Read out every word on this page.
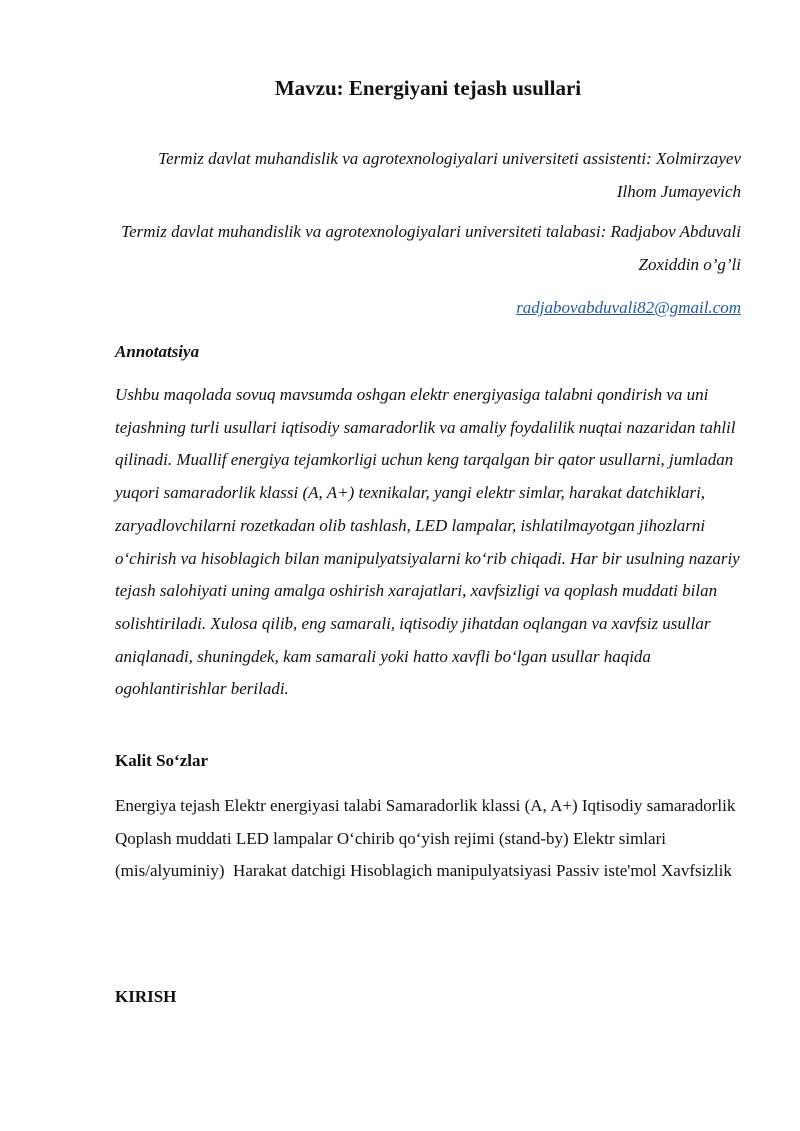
Mavzu: Energiyani tejash usullari

Termiz davlat muhandislik va agrotexnologiyalari universiteti assistenti: Xolmirzayev Ilhom Jumayevich

Termiz davlat muhandislik va agrotexnologiyalari universiteti talabasi: Radjabov Abduvali Zoxiddin o’g’li

radjabovabduvali82@gmail.com
Annotatsiya

Ushbu maqolada sovuq mavsumda oshgan elektr energiyasiga talabni qondirish va uni tejashning turli usullari iqtisodiy samaradorlik va amaliy foydalilik nuqtai nazaridan tahlil qilinadi. Muallif energiya tejamkorligi uchun keng tarqalgan bir qator usullarni, jumladan yuqori samaradorlik klassi (A, A+) texnikalar, yangi elektr simlar, harakat datchiklari, zaryadlovchilarni rozetkadan olib tashlash, LED lampalar, ishlatilmayotgan jihozlarni o‘chirish va hisoblagich bilan manipulyatsiyalarni ko‘rib chiqadi. Har bir usulning nazariy tejash salohiyati uning amalga oshirish xarajatlari, xavfsizligi va qoplash muddati bilan solishtiriladi. Xulosa qilib, eng samarali, iqtisodiy jihatdan oqlangan va xavfsiz usullar aniqlanadi, shuningdek, kam samarali yoki hatto xavfli bo‘lgan usullar haqida ogohlantirishlar beriladi.

Kalit So‘zlar

Energiya tejash Elektr energiyasi talabi Samaradorlik klassi (A, A+) Iqtisodiy samaradorlik  Qoplash muddati LED lampalar O‘chirib qo‘yish rejimi (stand-by) Elektr simlari (mis/alyuminiy)  Harakat datchigi Hisoblagich manipulyatsiyasi Passiv iste'mol Xavfsizlik

KIRISH
